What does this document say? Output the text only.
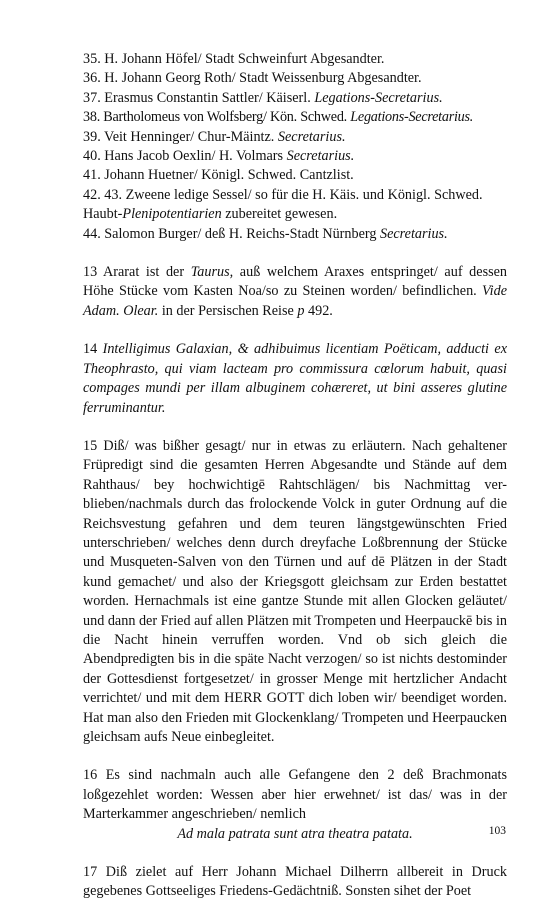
35. H. Johann Höfel/ Stadt Schweinfurt Abgesandter.
36. H. Johann Georg Roth/ Stadt Weissenburg Abgesandter.
37. Erasmus Constantin Sattler/ Käiserl. Legations-Secretarius.
38. Bartholomeus von Wolfsberg/ Kön. Schwed. Legations-Secretarius.
39. Veit Henninger/ Chur-Mäintz. Secretarius.
40. Hans Jacob Oexlin/ H. Volmars Secretarius.
41. Johann Huetner/ Königl. Schwed. Cantzlist.
42. 43. Zweene ledige Sessel/ so für die H. Käis. und Königl. Schwed. Haubt-Plenipotentiarien zubereitet gewesen.
44. Salomon Burger/ deß H. Reichs-Stadt Nürnberg Secretarius.
13 Ararat ist der Taurus, auß welchem Araxes entspringet/ auf dessen Höhe Stücke vom Kasten Noa/so zu Steinen worden/ befindlichen. Vide Adam. Olear. in der Persischen Reise p 492.
14 Intelligimus Galaxian, & adhibuimus licentiam Poëticam, adducti ex Theophrasto, qui viam lacteam pro commissura cœlorum habuit, quasi compages mundi per illam albuginem cohæreret, ut bini asseres glutine ferruminantur.
15 Diß/ was bißher gesagt/ nur in etwas zu erläutern. Nach gehaltener Früpredigt sind die gesamten Herren Abgesandte und Stände auf dem Rahthaus/ bey hochwichtigē Rahtschlägen/ bis Nachmittag ver-blieben/nachmals durch das frolockende Volck in guter Ordnung auf die Reichsvestung gefahren und dem teuren längstgewünschten Fried unterschrieben/ welches denn durch dreyfache Loßbrennung der Stücke und Musqueten-Salven von den Türnen und auf dē Plätzen in der Stadt kund gemachet/ und also der Kriegsgott gleichsam zur Erden bestattet worden. Hernachmals ist eine gantze Stunde mit allen Glocken geläutet/ und dann der Fried auf allen Plätzen mit Trompeten und Heerpauckē bis in die Nacht hinein verruffen worden. Vnd ob sich gleich die Abendpredigten bis in die späte Nacht verzogen/ so ist nichts destominder der Gottesdienst fortgesetzet/ in grosser Menge mit hertzlicher Andacht verrichtet/ und mit dem HERR GOTT dich loben wir/ beendiget worden. Hat man also den Frieden mit Glockenklang/ Trompeten und Heerpaucken gleichsam aufs Neue einbegleitet.
16 Es sind nachmaln auch alle Gefangene den 2 deß Brachmonats loßgezehlet worden: Wessen aber hier erwehnet/ ist das/ was in der Marterkammer angeschrieben/ nemlich
Ad mala patrata sunt atra theatra patata.
17 Diß zielet auf Herr Johann Michael Dilherrn allbereit in Druck gegebenes Gottseeliges Friedens-Gedächtniß. Sonsten sihet der Poet
103
